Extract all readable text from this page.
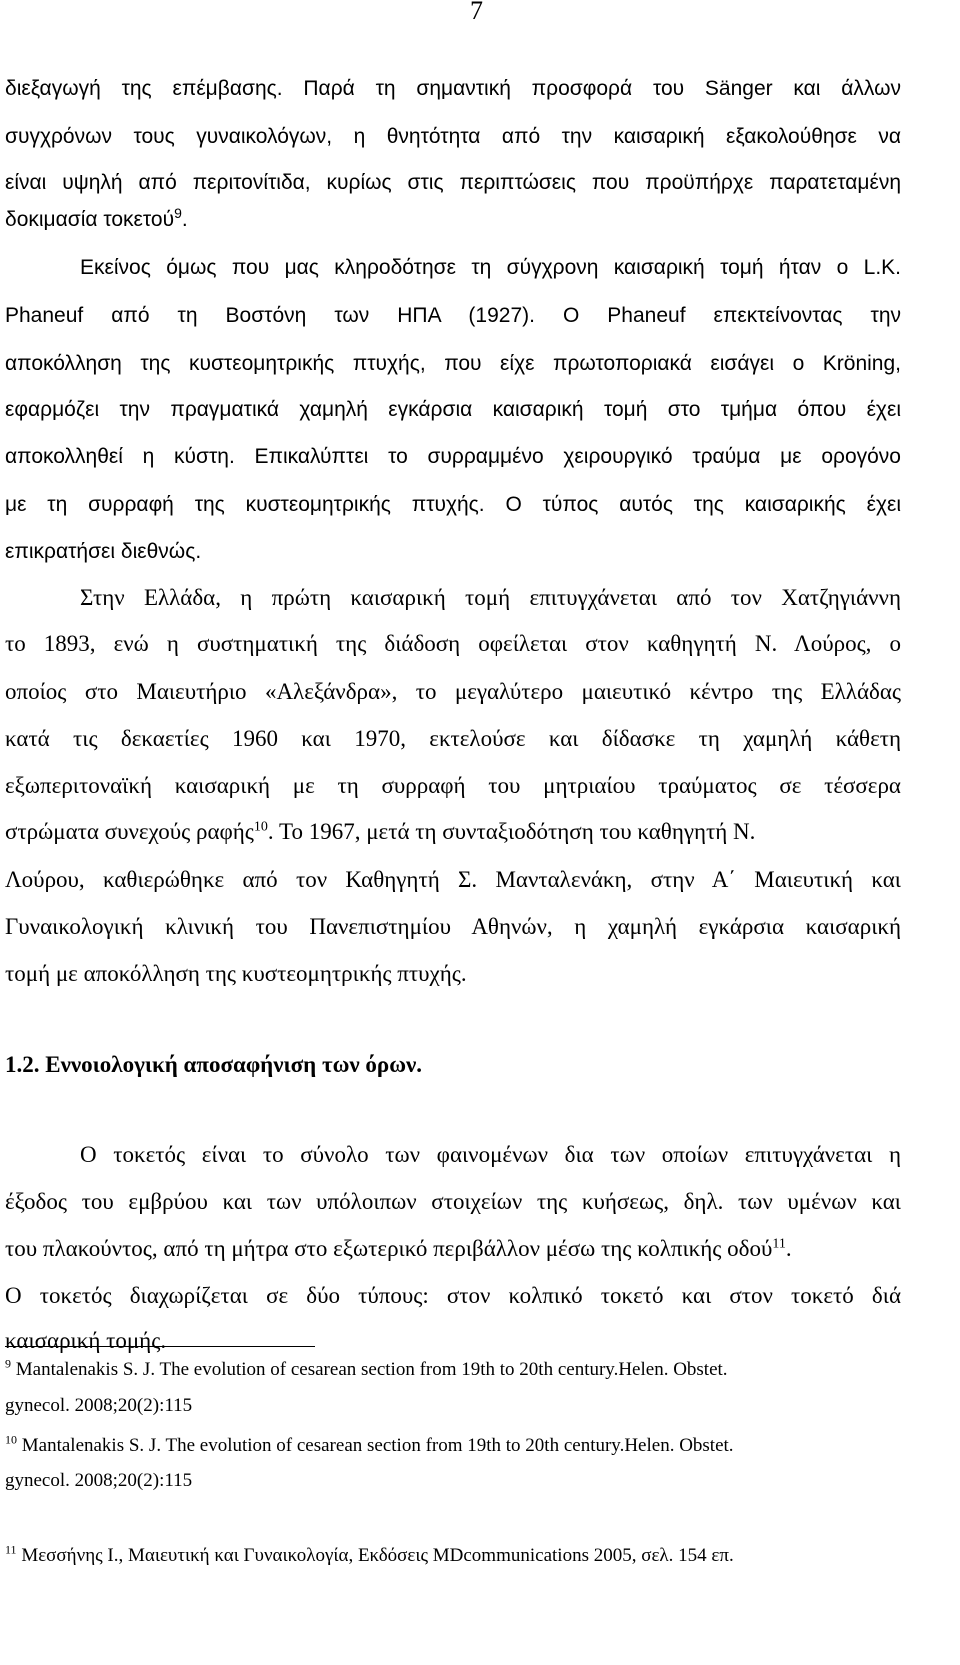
7
διεξαγωγή της επέμβασης. Παρά τη σημαντική προσφορά του Sänger και άλλων
συγχρόνων τους γυναικολόγων, η θνητότητα από την καισαρική εξακολούθησε να
είναι υψηλή από περιτονίτιδα, κυρίως στις περιπτώσεις που προϋπήρχε παρατεταμένη
δοκιμασία τοκετού$^9$.
Εκείνος όμως που μας κληροδότησε τη σύγχρονη καισαρική τομή ήταν ο L.K.
Phaneuf από τη Βοστόνη των ΗΠΑ (1927). Ο Phaneuf επεκτείνοντας την
αποκόλληση της κυστεομητρικής πτυχής, που είχε πρωτοποριακά εισάγει ο Kröning,
εφαρμόζει την πραγματικά χαμηλή εγκάρσια καισαρική τομή στο τμήμα όπου έχει
αποκολληθεί η κύστη. Επικαλύπτει το συρραμμένο χειρουργικό τραύμα με ορογόνο
με τη συρραφή της κυστεομητρικής πτυχής. Ο τύπος αυτός της καισαρικής έχει
επικρατήσει διεθνώς.
Στην Ελλάδα, η πρώτη καισαρική τομή επιτυγχάνεται από τον Χατζηγιάννη
το 1893, ενώ η συστηματική της διάδοση οφείλεται στον καθηγητή Ν. Λούρος, ο
οποίος στο Μαιευτήριο «Αλεξάνδρα», το μεγαλύτερο μαιευτικό κέντρο της Ελλάδας
κατά τις δεκαετίες 1960 και 1970, εκτελούσε και δίδασκε τη χαμηλή κάθετη
εξωπεριτοναϊκή καισαρική με τη συρραφή του μητριαίου τραύματος σε τέσσερα
στρώματα συνεχούς ραφής$^{10}$. Το 1967, μετά τη συνταξιοδότηση του καθηγητή Ν.
Λούρου, καθιερώθηκε από τον Καθηγητή Σ. Μανταλενάκη, στην Α΄ Μαιευτική και
Γυναικολογική κλινική του Πανεπιστημίου Αθηνών, η χαμηλή εγκάρσια καισαρική
τομή με αποκόλληση της κυστεομητρικής πτυχής.
1.2. Εννοιολογική αποσαφήνιση των όρων.
Ο τοκετός είναι το σύνολο των φαινομένων δια των οποίων επιτυγχάνεται η
έξοδος του εμβρύου και των υπόλοιπων στοιχείων της κυήσεως, δηλ. των υμένων και
του πλακούντος, από τη μήτρα στο εξωτερικό περιβάλλον μέσω της κολπικής οδού$^{11}$.
Ο τοκετός διαχωρίζεται σε δύο τύπους: στον κολπικό τοκετό και στον τοκετό διά
καισαρική τομής.
$^9$ Mantalenakis S. J. The evolution of cesarean section from 19th to 20th century.Helen. Obstet.
gynecol. 2008;20(2):115
$^{10}$ Mantalenakis S. J. The evolution of cesarean section from 19th to 20th century.Helen. Obstet.
gynecol. 2008;20(2):115
$^{11}$ Μεσσήνης Ι., Μαιευτική και Γυναικολογία, Εκδόσεις MDcommunications 2005, σελ. 154 επ.
